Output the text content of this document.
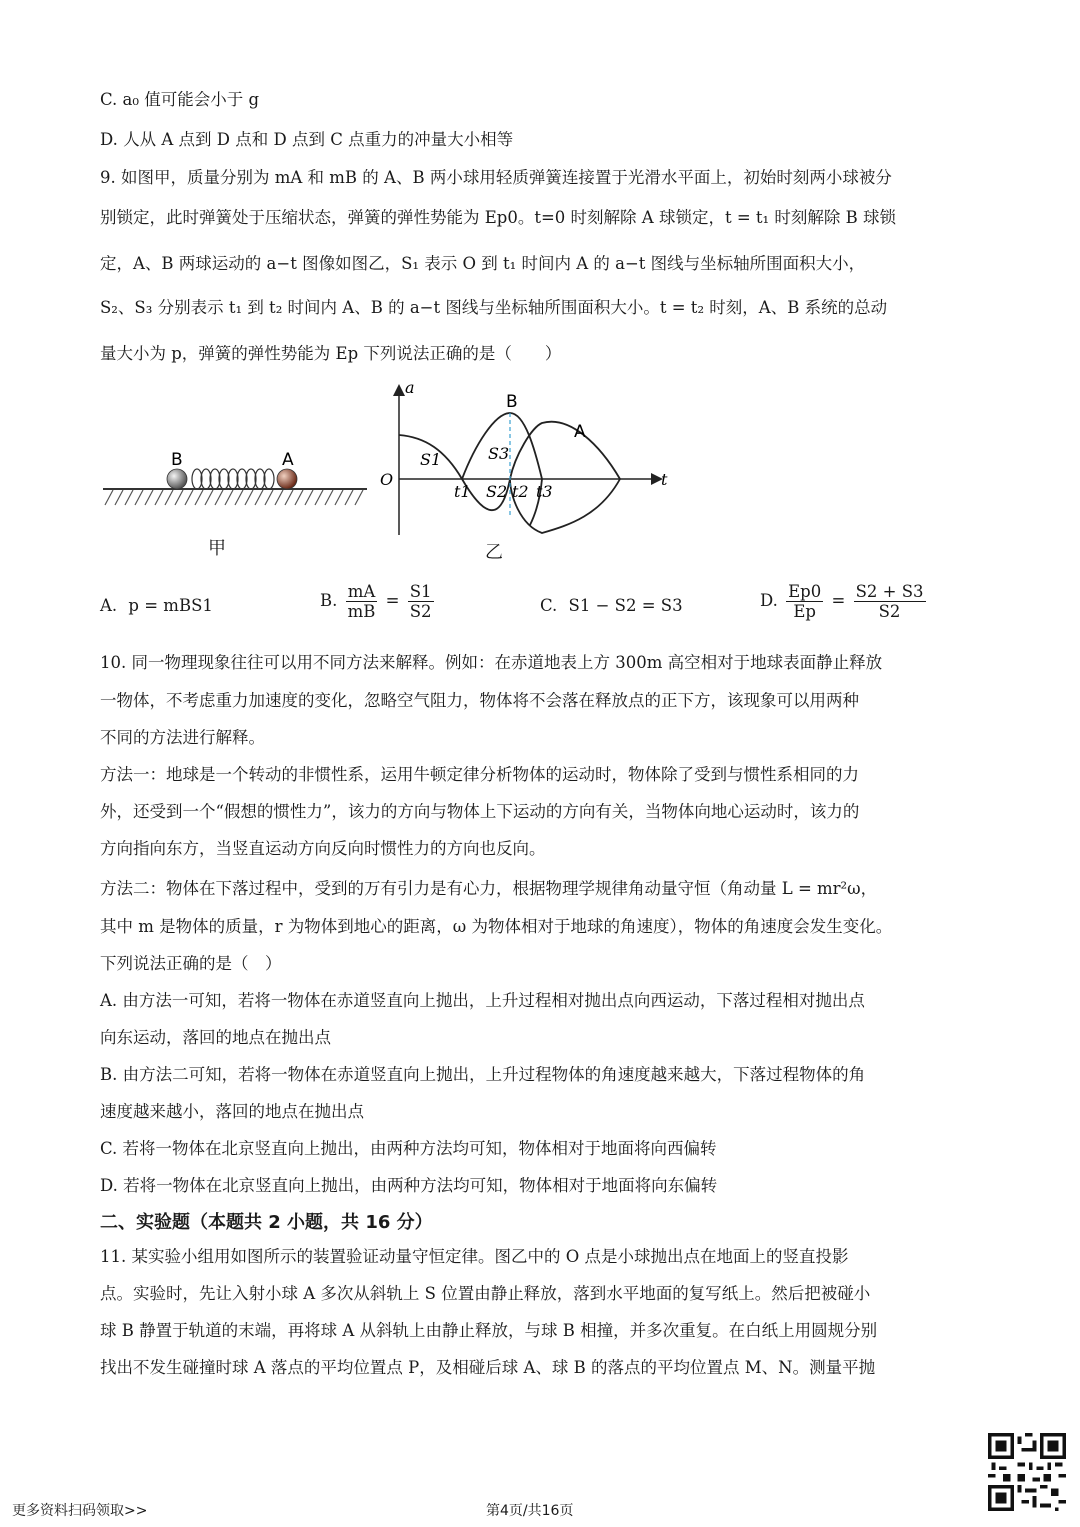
C. a₀ 值可能会小于 g
D. 人从 A 点到 D 点和 D 点到 C 点重力的冲量大小相等
9. 如图甲，质量分别为 mA 和 mB 的 A、B 两小球用轻质弹簧连接置于光滑水平面上，初始时刻两小球被分
别锁定，此时弹簧处于压缩状态，弹簧的弹性势能为 Ep0。t=0 时刻解除 A 球锁定，t = t₁ 时刻解除 B 球锁
定，A、B 两球运动的 a−t 图像如图乙，S₁ 表示 O 到 t₁ 时间内 A 的 a−t 图线与坐标轴所围面积大小，
S₂、S₃ 分别表示 t₁ 到 t₂ 时间内 A、B 的 a−t 图线与坐标轴所围面积大小。t = t₂ 时刻，A、B 系统的总动
量大小为 p，弹簧的弹性势能为 Ep 下列说法正确的是（　　）
B	A
甲
a
t
O
S1
S2
S3
t1	t2 t3
B
A
乙
A. p = mBS1	B. $\frac{mA}{mB} = \frac{S1}{S2}$	C. S1 − S2 = S3	D. $\frac{Ep0}{Ep} = \frac{S2 + S3}{S2}$
10. 同一物理现象往往可以用不同方法来解释。例如：在赤道地表上方 300m 高空相对于地球表面静止释放
一物体，不考虑重力加速度的变化，忽略空气阻力，物体将不会落在释放点的正下方，该现象可以用两种
不同的方法进行解释。
方法一：地球是一个转动的非惯性系，运用牛顿定律分析物体的运动时，物体除了受到与惯性系相同的力
外，还受到一个“假想的惯性力”，该力的方向与物体上下运动的方向有关，当物体向地心运动时，该力的
方向指向东方，当竖直运动方向反向时惯性力的方向也反向。
方法二：物体在下落过程中，受到的万有引力是有心力，根据物理学规律角动量守恒（角动量 L = mr²ω，
其中 m 是物体的质量，r 为物体到地心的距离，ω 为物体相对于地球的角速度），物体的角速度会发生变化。
下列说法正确的是（　）
A. 由方法一可知，若将一物体在赤道竖直向上抛出，上升过程相对抛出点向西运动，下落过程相对抛出点
向东运动，落回的地点在抛出点
B. 由方法二可知，若将一物体在赤道竖直向上抛出，上升过程物体的角速度越来越大，下落过程物体的角
速度越来越小，落回的地点在抛出点
C. 若将一物体在北京竖直向上抛出，由两种方法均可知，物体相对于地面将向西偏转
D. 若将一物体在北京竖直向上抛出，由两种方法均可知，物体相对于地面将向东偏转
二、实验题（本题共 2 小题，共 16 分）
11. 某实验小组用如图所示的装置验证动量守恒定律。图乙中的 O 点是小球抛出点在地面上的竖直投影
点。实验时，先让入射小球 A 多次从斜轨上 S 位置由静止释放，落到水平地面的复写纸上。然后把被碰小
球 B 静置于轨道的末端，再将球 A 从斜轨上由静止释放，与球 B 相撞，并多次重复。在白纸上用圆规分别
找出不发生碰撞时球 A 落点的平均位置点 P，及相碰后球 A、球 B 的落点的平均位置点 M、N。测量平抛
更多资料扫码领取>>	第4页/共16页
